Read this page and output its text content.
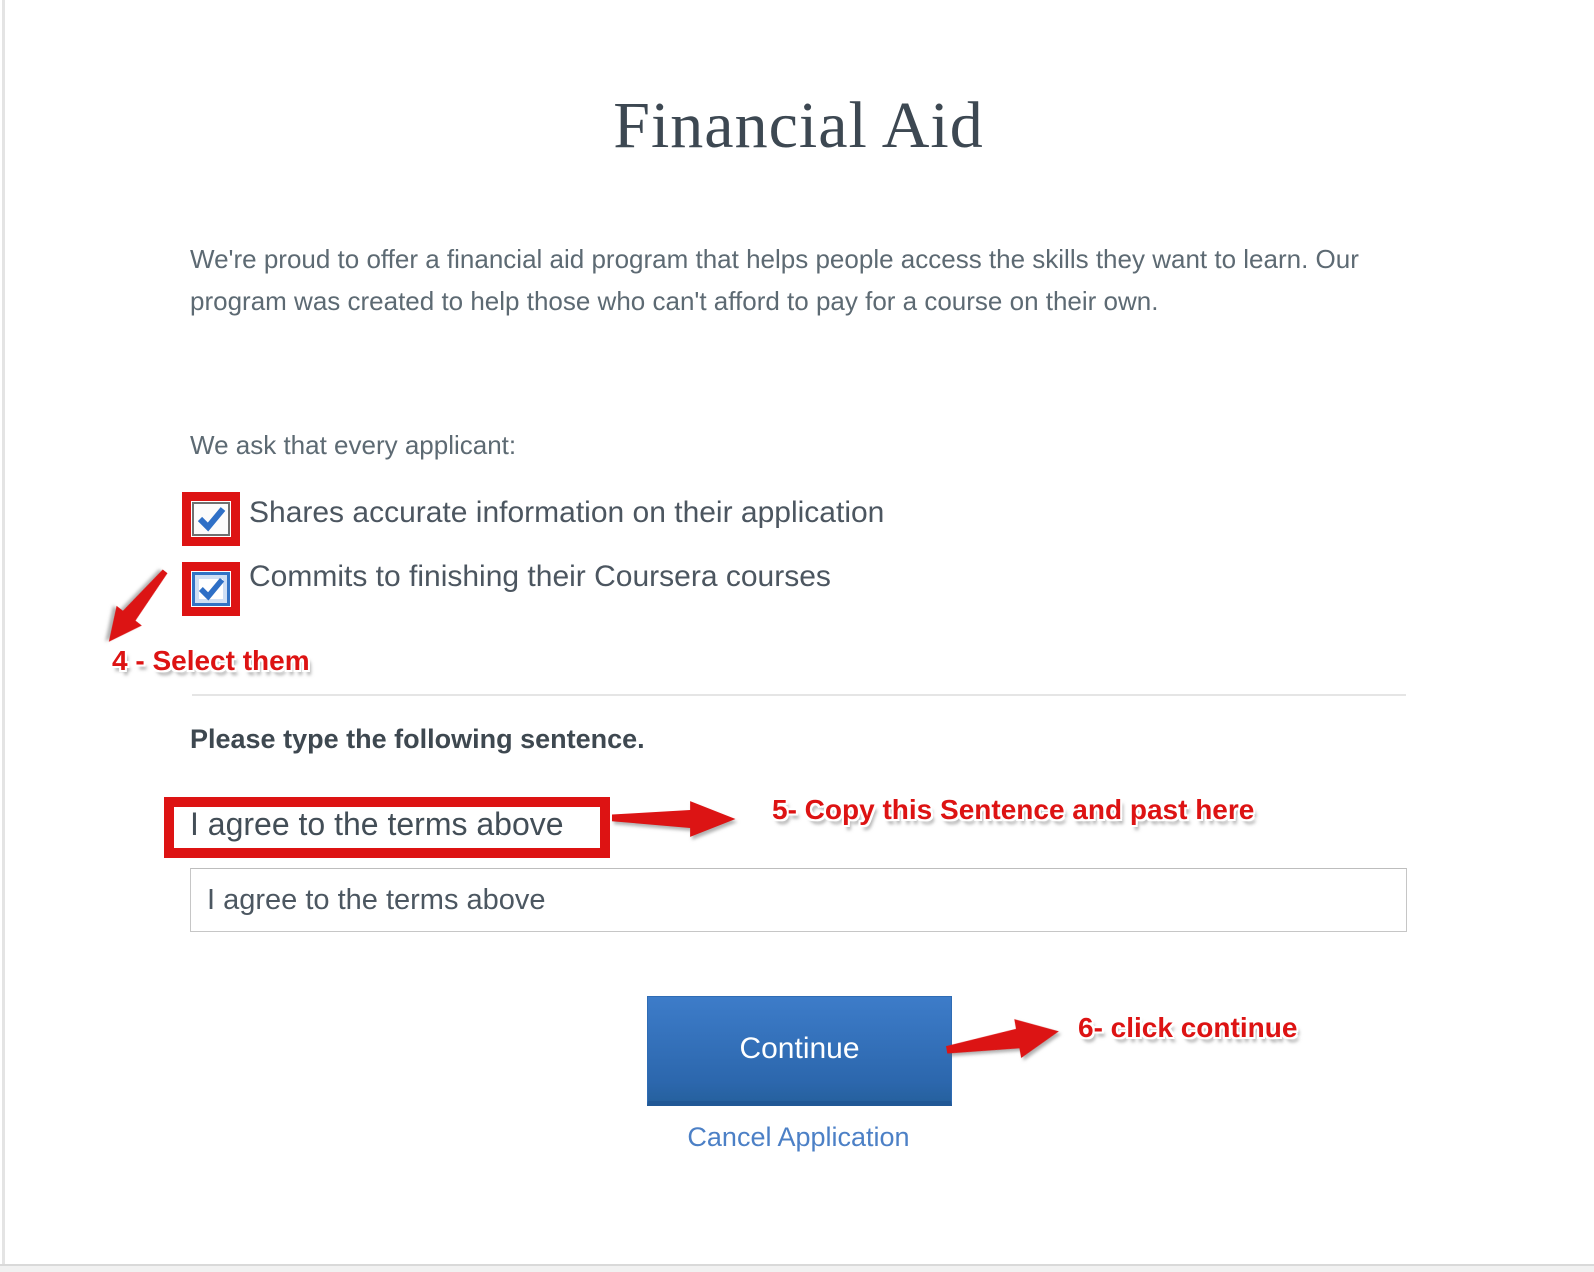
Financial Aid
We're proud to offer a financial aid program that helps people access the skills they want to learn. Our program was created to help those who can't afford to pay for a course on their own.
We ask that every applicant:
Shares accurate information on their application
Commits to finishing their Coursera courses
4 - Select them
Please type the following sentence.
I agree to the terms above	5- Copy this Sentence and past here
I agree to the terms above
Continue
6- click continue
Cancel Application
